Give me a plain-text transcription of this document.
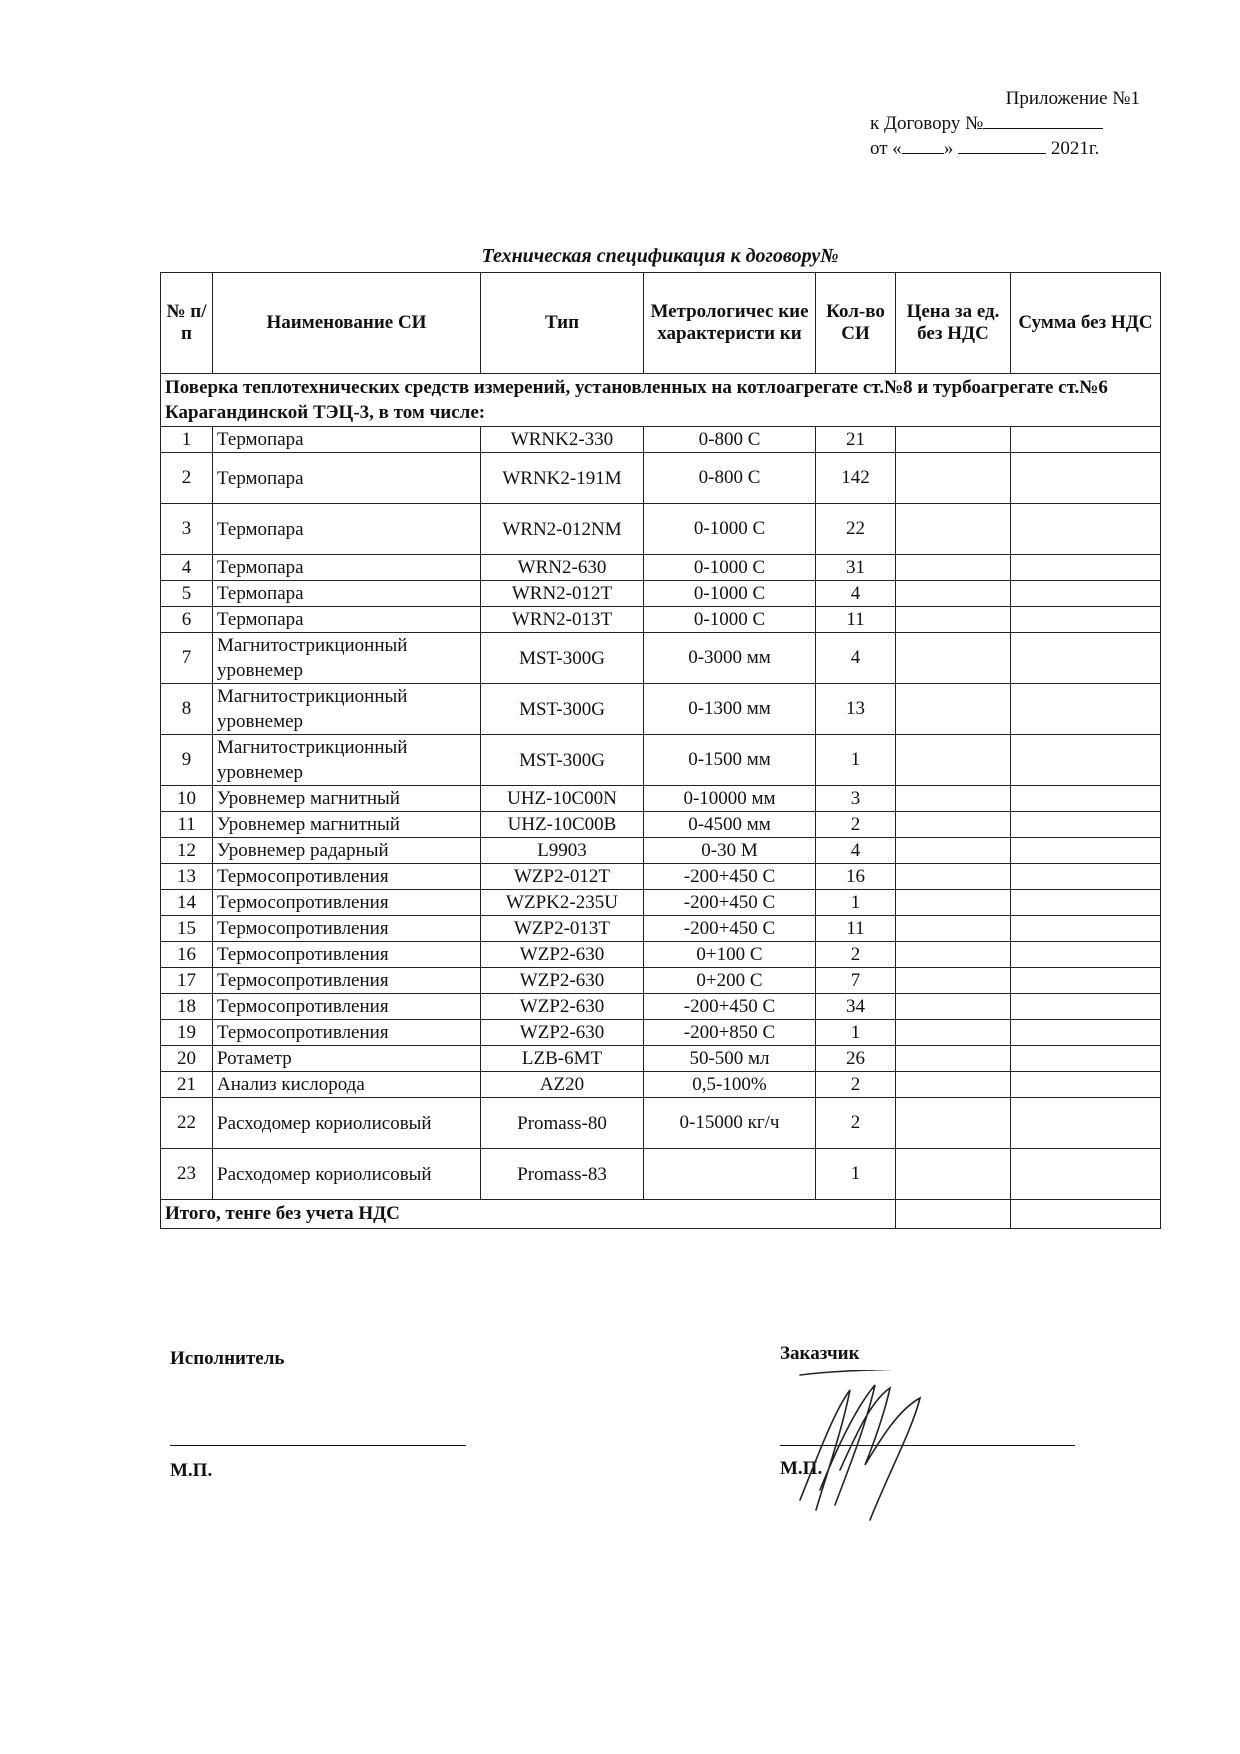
Приложение №1
к Договору №
от « »	2021г.
Техническая спецификация к договору№
№ п/п	Наименование СИ	Тип	Метрологичес кие характеристи ки	Кол-во СИ	Цена за ед. без НДС	Сумма без НДС
Поверка теплотехнических средств измерений, установленных на котлоагрегате ст.№8 и турбоагрегате ст.№6 Карагандинской ТЭЦ-3, в том числе:						
1	Термопара	WRNK2-330	0-800 С	21		
2	Термопара	WRNK2-191M	0-800 С	142		
3	Термопара	WRN2-012NM	0-1000 С	22		
4	Термопара	WRN2-630	0-1000 С	31		
5	Термопара	WRN2-012T	0-1000 С	4		
6	Термопара	WRN2-013T	0-1000 С	11		
7	Магнитострикционный уровнемер	MST-300G	0-3000 мм	4		
8	Магнитострикционный уровнемер	MST-300G	0-1300 мм	13		
9	Магнитострикционный уровнемер	MST-300G	0-1500 мм	1		
10	Уровнемер магнитный	UHZ-10C00N	0-10000 мм	3		
11	Уровнемер магнитный	UHZ-10C00B	0-4500 мм	2		
12	Уровнемер радарный	L9903	0-30 М	4		
13	Термосопротивления	WZP2-012T	-200+450 С	16		
14	Термосопротивления	WZPK2-235U	-200+450 С	1		
15	Термосопротивления	WZP2-013T	-200+450 С	11		
16	Термосопротивления	WZP2-630	0+100 С	2		
17	Термосопротивления	WZP2-630	0+200 С	7		
18	Термосопротивления	WZP2-630	-200+450 С	34		
19	Термосопротивления	WZP2-630	-200+850 С	1		
20	Ротаметр	LZB-6MT	50-500 мл	26		
21	Анализ кислорода	AZ20	0,5-100%	2		
22	Расходомер кориолисовый	Promass-80	0-15000 кг/ч	2		
23	Расходомер кориолисовый	Promass-83		1		
Итого, тенге без учета НДС						
Исполнитель
М.П.
Заказчик
М.П.
